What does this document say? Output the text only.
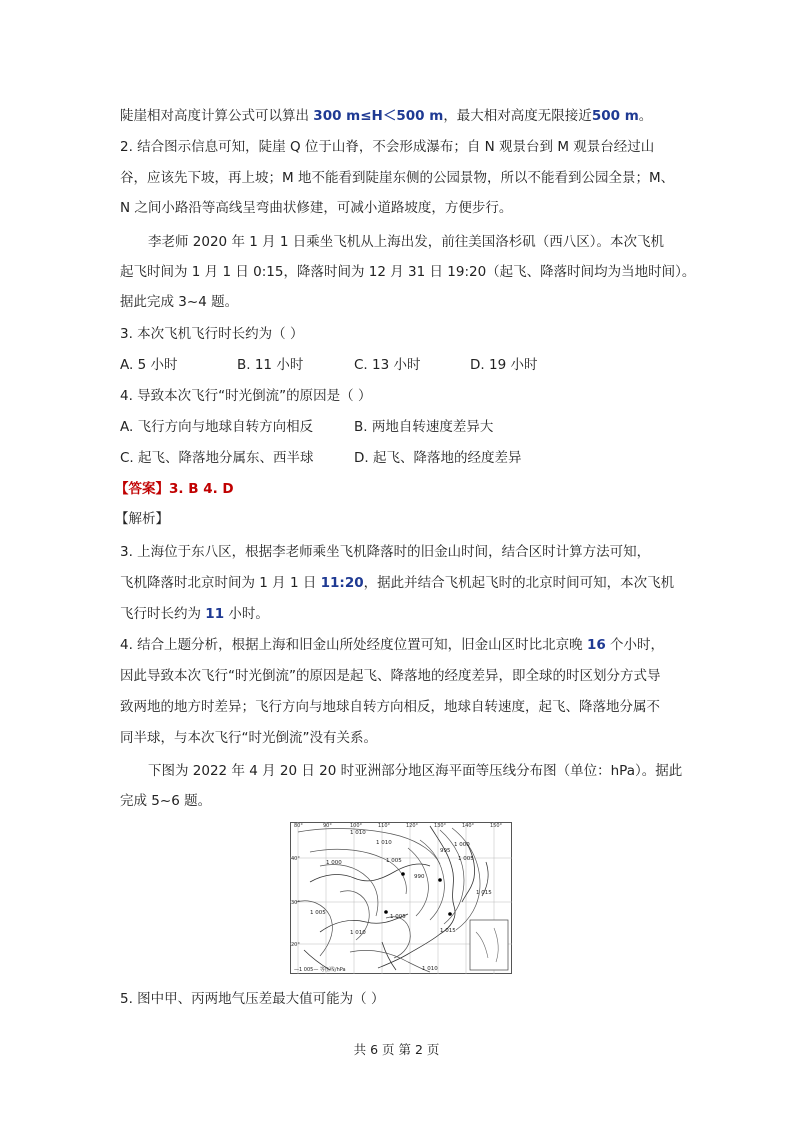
陡崖相对高度计算公式可以算出 300 m≤H＜500 m，最大相对高度无限接近500 m。

2. 结合图示信息可知，陡崖 Q 位于山脊，不会形成瀑布；自 N 观景台到 M 观景台经过山

谷，应该先下坡，再上坡；M 地不能看到陡崖东侧的公园景物，所以不能看到公园全景；M、

N 之间小路沿等高线呈弯曲状修建，可减小道路坡度，方便步行。

李老师 2020 年 1 月 1 日乘坐飞机从上海出发，前往美国洛杉矶（西八区）。本次飞机

起飞时间为 1 月 1 日 0:15，降落时间为 12 月 31 日 19:20（起飞、降落时间均为当地时间）。

据此完成 3~4 题。

3. 本次飞机飞行时长约为（ ）

A. 5 小时	B. 11 小时	C. 13 小时	D. 19 小时

4. 导致本次飞行“时光倒流”的原因是（ ）

A. 飞行方向与地球自转方向相反	B. 两地自转速度差异大
C. 起飞、降落地分属东、西半球	D. 起飞、降落地的经度差异

【答案】3. B 4. D

【解析】

3. 上海位于东八区，根据李老师乘坐飞机降落时的旧金山时间，结合区时计算方法可知，

飞机降落时北京时间为 1 月 1 日 11:20，据此并结合飞机起飞时的北京时间可知，本次飞机

飞行时长约为 11 小时。

4. 结合上题分析，根据上海和旧金山所处经度位置可知，旧金山区时比北京晚 16 个小时，

因此导致本次飞行“时光倒流”的原因是起飞、降落地的经度差异，即全球的时区划分方式导

致两地的地方时差异；飞行方向与地球自转方向相反，地球自转速度，起飞、降落地分属不

同半球，与本次飞行“时光倒流”没有关系。

下图为 2022 年 4 月 20 日 20 时亚洲部分地区海平面等压线分布图（单位：hPa）。据此

完成 5~6 题。

80°	90°	100°	110°	120°	130°	140°	150°
40°
30°
20°
1 010
1 010
1 005
1 000
1 005
1 010	1 015
1 005
1 015
1 005
1 010
990
995
1 000
—1 005— 等压线/hPa

5. 图中甲、丙两地气压差最大值可能为（ ）

共 6 页 第 2 页
